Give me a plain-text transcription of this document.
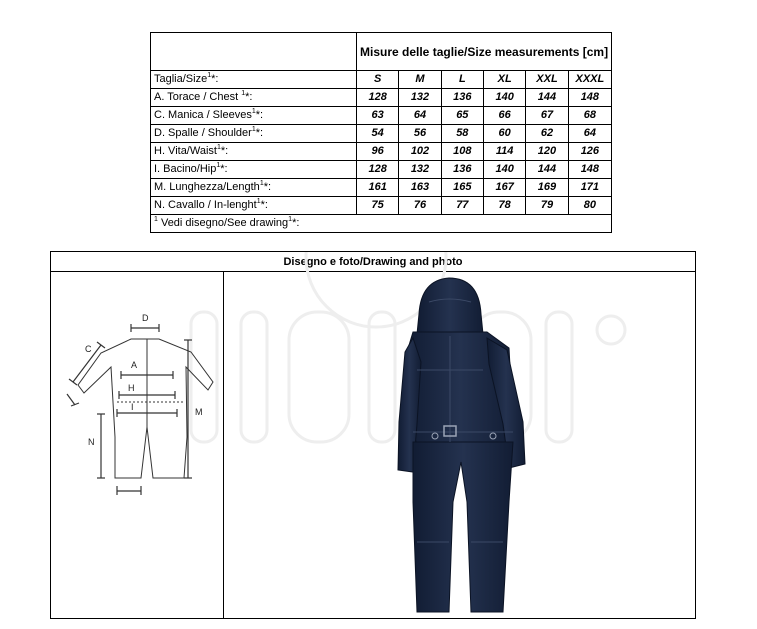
	Misure delle taglie/Size measurements [cm]					
Taglia/Size$^1$*:	S	M	L	XL	XXL	XXXL
A. Torace / Chest $^1$*:	128	132	136	140	144	148
C. Manica / Sleeves$^1$*:	63	64	65	66	67	68
D. Spalle / Shoulder$^1$*:	54	56	58	60	62	64
H. Vita/Waist$^1$*:	96	102	108	114	120	126
I. Bacino/Hip$^1$*:	128	132	136	140	144	148
M. Lunghezza/Length$^1$*:	161	163	165	167	169	171
N. Cavallo / In-lenght$^1$*:	75	76	77	78	79	80
$^1$ Vedi disegno/See drawing$^1$*:						
Disegno e foto/Drawing and photo
D
C
A
H
I	M
N
